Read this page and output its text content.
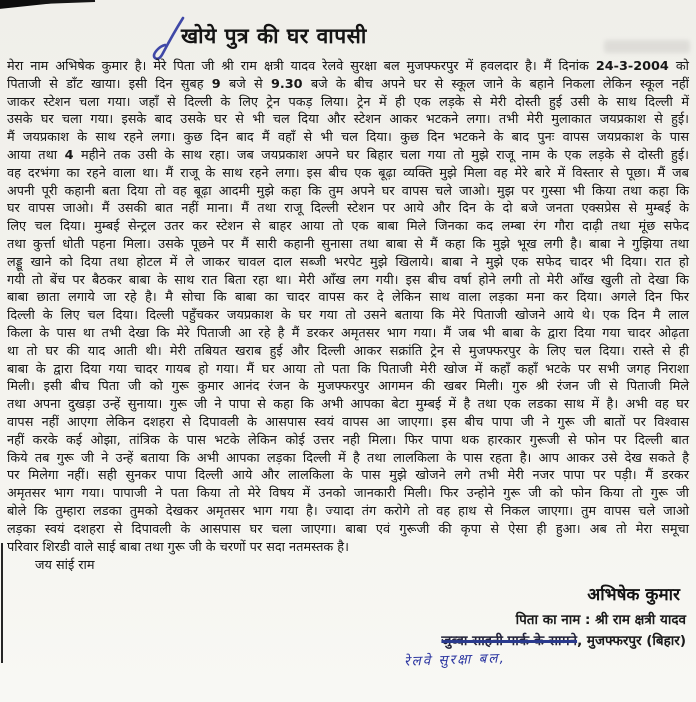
खोये पुत्र की घर वापसी
मेरा नाम अभिषेक कुमार है। मेरे पिता जी श्री राम क्षत्री यादव रेलवे सुरक्षा बल मुजफ्फरपुर में हवलदार है। मैं दिनांक 24-3-2004 को
पिताजी से डाँट खाया। इसी दिन सुबह 9 बजे से 9.30 बजे के बीच अपने घर से स्कूल जाने के बहाने निकला लेकिन स्कूल नहीं
जाकर स्टेशन चला गया। जहाँ से दिल्ली के लिए ट्रेन पकड़ लिया। ट्रेन में ही एक लड़के से मेरी दोस्ती हुई उसी के साथ दिल्ली में
उसके घर चला गया। इसके बाद उसके घर से भी चल दिया और स्टेशन आकर भटकने लगा। तभी मेरी मुलाकात जयप्रकाश से हुई।
मैं जयप्रकाश के साथ रहने लगा। कुछ दिन बाद मैं वहाँ से भी चल दिया। कुछ दिन भटकने के बाद पुनः वापस जयप्रकाश के पास
आया तथा 4 महीने तक उसी के साथ रहा। जब जयप्रकाश अपने घर बिहार चला गया तो मुझे राजू नाम के एक लड़के से दोस्ती हुई।
वह दरभंगा का रहने वाला था। मैं राजू के साथ रहने लगा। इस बीच एक बूढ़ा व्यक्ति मुझे मिला वह मेरे बारे में विस्तार से पूछा। मैं जब
अपनी पूरी कहानी बता दिया तो वह बूढ़ा आदमी मुझे कहा कि तुम अपने घर वापस चले जाओ। मुझ पर गुस्सा भी किया तथा कहा कि
घर वापस जाओ। मैं उसकी बात नहीं माना। मैं तथा राजू दिल्ली स्टेशन पर आये और दिन के दो बजे जनता एक्सप्रेस से मुम्बई के
लिए चल दिया। मुम्बई सेन्ट्रल उतर कर स्टेशन से बाहर आया तो एक बाबा मिले जिनका कद लम्बा रंग गौरा दाढ़ी तथा मूंछ सफेद
तथा कुर्त्ता धोती पहना मिला। उसके पूछने पर मैं सारी कहानी सुनासा तथा बाबा से मैं कहा कि मुझे भूख लगी है। बाबा ने गुझिया तथा
लड्डू खाने को दिया तथा होटल में ले जाकर चावल दाल सब्जी भरपेट मुझे खिलाये। बाबा ने मुझे एक सफेद चादर भी दिया। रात हो
गयी तो बेंच पर बैठकर बाबा के साथ रात बिता रहा था। मेरी आँख लग गयी। इस बीच वर्षा होने लगी तो मेरी आँख खुली तो देखा कि
बाबा छाता लगाये जा रहे है। मै सोचा कि बाबा का चादर वापस कर दे लेकिन साथ वाला लड़का मना कर दिया। अगले दिन फिर
दिल्ली के लिए चल दिया। दिल्ली पहुँचकर जयप्रकाश के घर गया तो उसने बताया कि मेरे पिताजी खोजने आये थे। एक दिन मै लाल
किला के पास था तभी देखा कि मेरे पिताजी आ रहे है मैं डरकर अमृतसर भाग गया। मैं जब भी बाबा के द्वारा दिया गया चादर ओढ़ता
था तो घर की याद आती थी। मेरी तबियत खराब हुई और दिल्ली आकर सक्रांति ट्रेन से मुजफ्फरपुर के लिए चल दिया। रास्ते से ही
बाबा के द्वारा दिया गया चादर गायब हो गया। मैं घर आया तो पता कि पिताजी मेरी खोज में कहाँ कहाँ भटके पर सभी जगह निराशा
मिली। इसी बीच पिता जी को गुरू कुमार आनंद रंजन के मुजफ्फरपुर आगमन की खबर मिली। गुरु श्री रंजन जी से पिताजी मिले
तथा अपना दुखड़ा उन्हें सुनाया। गुरू जी ने पापा से कहा कि अभी आपका बेटा मुम्बई में है तथा एक लडका साथ में है। अभी वह घर
वापस नहीं आएगा लेकिन दशहरा से दिपावली के आसपास स्वयं वापस आ जाएगा। इस बीच पापा जी ने गुरू जी बातों पर विश्वास
नहीं करके कई ओझा, तांत्रिक के पास भटके लेकिन कोई उत्तर नही मिला। फिर पापा थक हारकार गुरूजी से फोन पर दिल्ली बात
किये तब गुरू जी ने उन्हें बताया कि अभी आपका लड़का दिल्ली में है तथा लालकिला के पास रहता है। आप आकर उसे देख सकते है
पर मिलेगा नहीं। सही सुनकर पापा दिल्ली आये और लालकिला के पास मुझे खोजने लगे तभी मेरी नजर पापा पर पड़ी। मैं डरकर
अमृतसर भाग गया। पापाजी ने पता किया तो मेरे विषय में उनको जानकारी मिली। फिर उन्होने गुरू जी को फोन किया तो गुरू जी
बोले कि तुम्हारा लडका तुमको देखकर अमृतसर भाग गया है। ज्यादा तंग करोगे तो वह हाथ से निकल जाएगा। तुम वापस चले जाओ
लड़का स्वयं दशहरा से दिपावली के आसपास घर चला जाएगा। बाबा एवं गुरूजी की कृपा से ऐसा ही हुआ। अब तो मेरा समूचा
परिवार शिरडी वाले साई बाबा तथा गुरू जी के चरणों पर सदा नतमस्तक है।
जय सांई राम
अभिषेक कुमार
पिता का नाम : श्री राम क्षत्री यादव
जुब्बा साहनी पार्क के सामने, मुजफ्फरपुर (बिहार)
रेलवे सुरक्षा बल,
